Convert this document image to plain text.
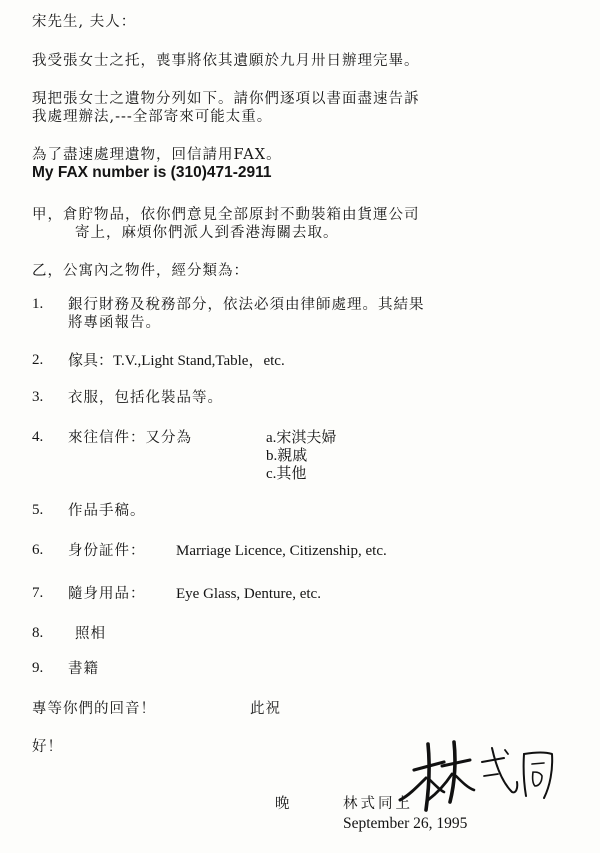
宋先生, 夫人：
我受張女士之托，喪事將依其遺願於九月卅日辦理完畢。
現把張女士之遺物分列如下。請你們逐項以書面盡速告訴
我處理辦法,---全部寄來可能太重。
為了盡速處理遺物，回信請用FAX。
My FAX number is (310)471-2911
甲，倉貯物品，依你們意見全部原封不動裝箱由貨運公司
寄上，麻煩你們派人到香港海關去取。
乙，公寓內之物件，經分類為：
1. 銀行財務及稅務部分，依法必須由律師處理。其結果
將專函報告。
2. 傢具：T.V.,Light Stand,Table，etc.
3. 衣服，包括化裝品等。
4. 來往信件：又分為	a.宋淇夫婦
b.親戚
c.其他
5. 作品手稿。
6. 身份証件： Marriage Licence, Citizenship, etc.
7. 隨身用品： Eye Glass, Denture, etc.
8. 照相
9. 書籍
專等你們的回音！	此祝
好！
晚	林式同上
September 26, 1995
